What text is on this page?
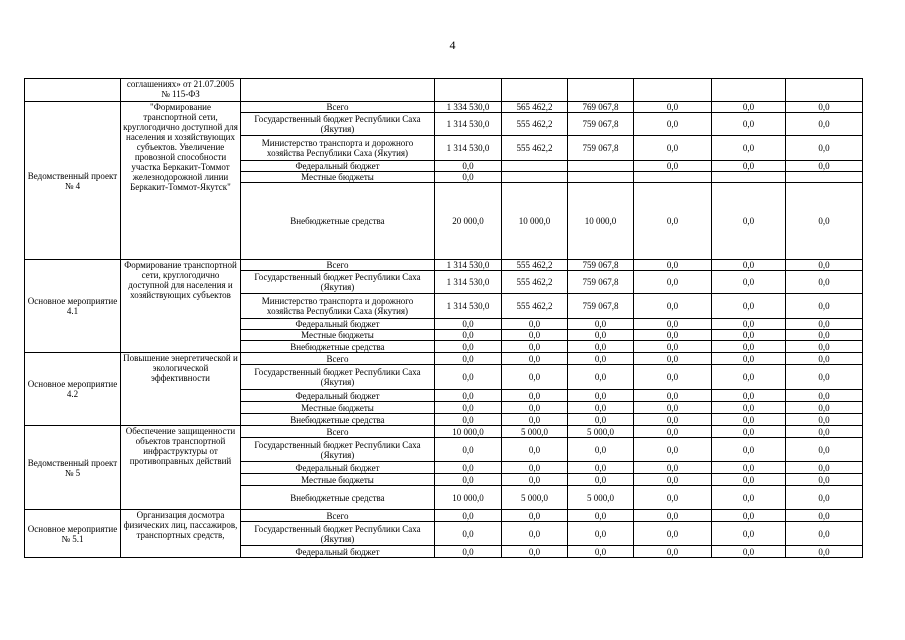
4
	соглашениях» от 21.07.2005 № 115-ФЗ							
Ведомственный проект № 4	"Формирование транспортной сети, круглогодично доступной для населения и хозяйствующих субъектов. Увеличение провозной способности участка Беркакит-Томмот железнодорожной линии Беркакит-Томмот-Якутск"	Всего	1 334 530,0	565 462,2	769 067,8	0,0	0,0	0,0
		Государственный бюджет Республики Саха (Якутия)	1 314 530,0	555 462,2	759 067,8	0,0	0,0	0,0
		Министерство транспорта и дорожного хозяйства Республики Саха (Якутия)	1 314 530,0	555 462,2	759 067,8	0,0	0,0	0,0
		Федеральный бюджет	0,0			0,0	0,0	0,0
		Местные бюджеты	0,0					
		Внебюджетные средства	20 000,0	10 000,0	10 000,0	0,0	0,0	0,0
Основное мероприятие 4.1	Формирование транспортной сети, круглогодично доступной для населения и хозяйствующих субъектов	Всего	1 314 530,0	555 462,2	759 067,8	0,0	0,0	0,0
		Государственный бюджет Республики Саха (Якутия)	1 314 530,0	555 462,2	759 067,8	0,0	0,0	0,0
		Министерство транспорта и дорожного хозяйства Республики Саха (Якутия)	1 314 530,0	555 462,2	759 067,8	0,0	0,0	0,0
		Федеральный бюджет	0,0	0,0	0,0	0,0	0,0	0,0
		Местные бюджеты	0,0	0,0	0,0	0,0	0,0	0,0
		Внебюджетные средства	0,0	0,0	0,0	0,0	0,0	0,0
Основное мероприятие 4.2	Повышение энергетической и экологической эффективности	Всего	0,0	0,0	0,0	0,0	0,0	0,0
		Государственный бюджет Республики Саха (Якутия)	0,0	0,0	0,0	0,0	0,0	0,0
		Федеральный бюджет	0,0	0,0	0,0	0,0	0,0	0,0
		Местные бюджеты	0,0	0,0	0,0	0,0	0,0	0,0
		Внебюджетные средства	0,0	0,0	0,0	0,0	0,0	0,0
Ведомственный проект № 5	Обеспечение защищенности объектов транспортной инфраструктуры от противоправных действий	Всего	10 000,0	5 000,0	5 000,0	0,0	0,0	0,0
		Государственный бюджет Республики Саха (Якутия)	0,0	0,0	0,0	0,0	0,0	0,0
		Федеральный бюджет	0,0	0,0	0,0	0,0	0,0	0,0
		Местные бюджеты	0,0	0,0	0,0	0,0	0,0	0,0
		Внебюджетные средства	10 000,0	5 000,0	5 000,0	0,0	0,0	0,0
Основное мероприятие № 5.1	Организация досмотра физических лиц, пассажиров, транспортных средств,	Всего	0,0	0,0	0,0	0,0	0,0	0,0
		Государственный бюджет Республики Саха (Якутия)	0,0	0,0	0,0	0,0	0,0	0,0
		Федеральный бюджет	0,0	0,0	0,0	0,0	0,0	0,0
